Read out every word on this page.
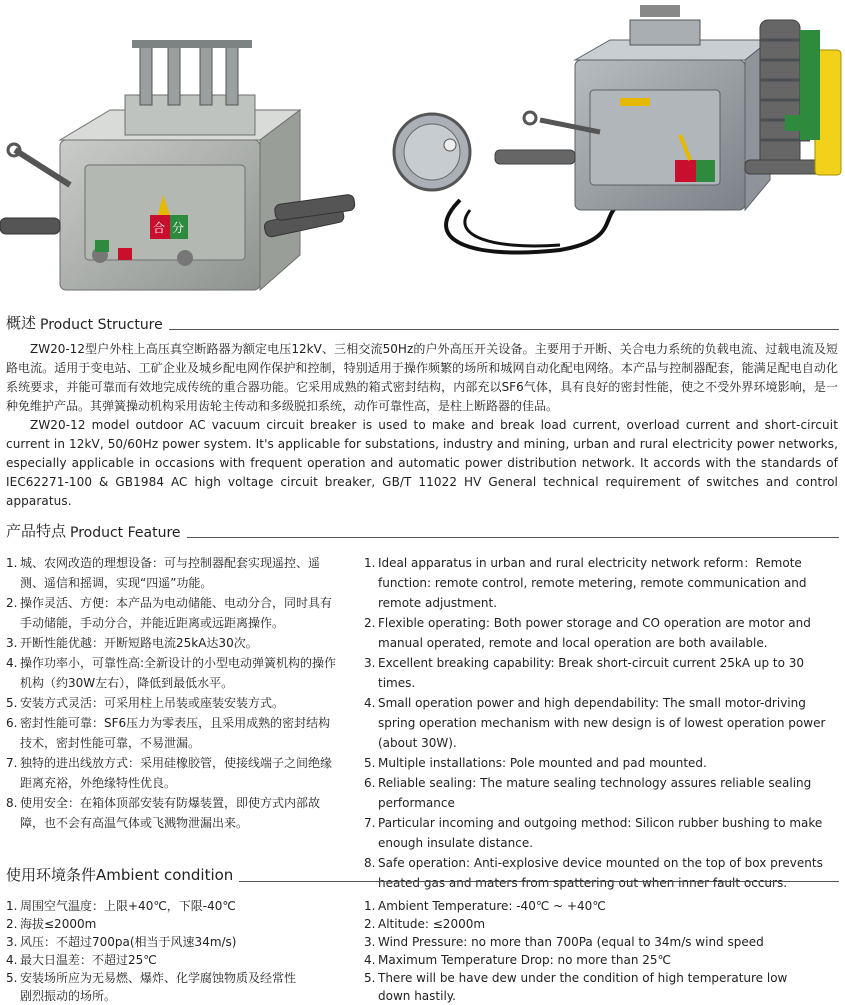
合 分
概述 Product Structure

ZW20-12型户外柱上高压真空断路器为额定电压12kV、三相交流50Hz的户外高压开关设备。主要用于开断、关合电力系统的负载电流、过载电流及短路电流。适用于变电站、工矿企业及城乡配电网作保护和控制，特别适用于操作频繁的场所和城网自动化配电网络。本产品与控制器配套，能满足配电自动化系统要求，并能可靠而有效地完成传统的重合器功能。它采用成熟的箱式密封结构，内部充以SF6气体，具有良好的密封性能，使之不受外界环境影响，是一种免维护产品。其弹簧操动机构采用齿轮主传动和多级脱扣系统，动作可靠性高，是柱上断路器的佳品。

ZW20-12 model outdoor AC vacuum circuit breaker is used to make and break load current, overload current and short-circuit current in 12kV, 50/60Hz power system. It's applicable for substations, industry and mining, urban and rural electricity power networks, especially applicable in occasions with frequent operation and automatic power distribution network. It accords with the standards of IEC62271-100 & GB1984 AC high voltage circuit breaker, GB/T 11022 HV General technical requirement of switches and control apparatus.

产品特点 Product Feature
1. 城、农网改造的理想设备：可与控制器配套实现遥控、遥测、遥信和摇调，实现“四遥”功能。
2. 操作灵活、方便：本产品为电动储能、电动分合，同时具有手动储能，手动分合，并能近距离或远距离操作。
3. 开断性能优越：开断短路电流25kA达30次。
4. 操作功率小，可靠性高:全新设计的小型电动弹簧机构的操作机构（约30W左右），降低到最低水平。
5. 安装方式灵活：可采用柱上吊装或座装安装方式。
6. 密封性能可靠：SF6压力为零表压，且采用成熟的密封结构技术，密封性能可靠，不易泄漏。
7. 独特的进出线放方式：采用硅橡胶管，使接线端子之间绝缘距离充裕，外绝缘特性优良。
8. 使用安全：在箱体顶部安装有防爆装置，即使方式内部故障，也不会有高温气体或飞溅物泄漏出来。
1. Ideal apparatus in urban and rural electricity network reform：Remote function: remote control, remote metering, remote communication and remote adjustment.
2. Flexible operating: Both power storage and CO operation are motor and manual operated, remote and local operation are both available.
3. Excellent breaking capability: Break short-circuit current 25kA up to 30 times.
4. Small operation power and high dependability: The small motor-driving spring operation mechanism with new design is of lowest operation power (about 30W).
5. Multiple installations: Pole mounted and pad mounted.
6. Reliable sealing: The mature sealing technology assures reliable sealing performance
7. Particular incoming and outgoing method: Silicon rubber bushing to make enough insulate distance.
8. Safe operation: Anti-explosive device mounted on the top of box prevents heated gas and maters from spattering out when inner fault occurs.
使用环境条件Ambient condition
1. 周围空气温度：上限+40℃，下限-40℃
2. 海拔≤2000m
3. 风压：不超过700pa(相当于风速34m/s)
4. 最大日温差：不超过25℃
5. 安装场所应为无易燃、爆炸、化学腐蚀物质及经常性剧烈振动的场所。
1. Ambient Temperature: -40℃ ~ +40℃
2. Altitude: ≤2000m
3. Wind Pressure: no more than 700Pa (equal to 34m/s wind speed
4. Maximum Temperature Drop: no more than 25℃
5. There will be have dew under the condition of high temperature low down hastily.
